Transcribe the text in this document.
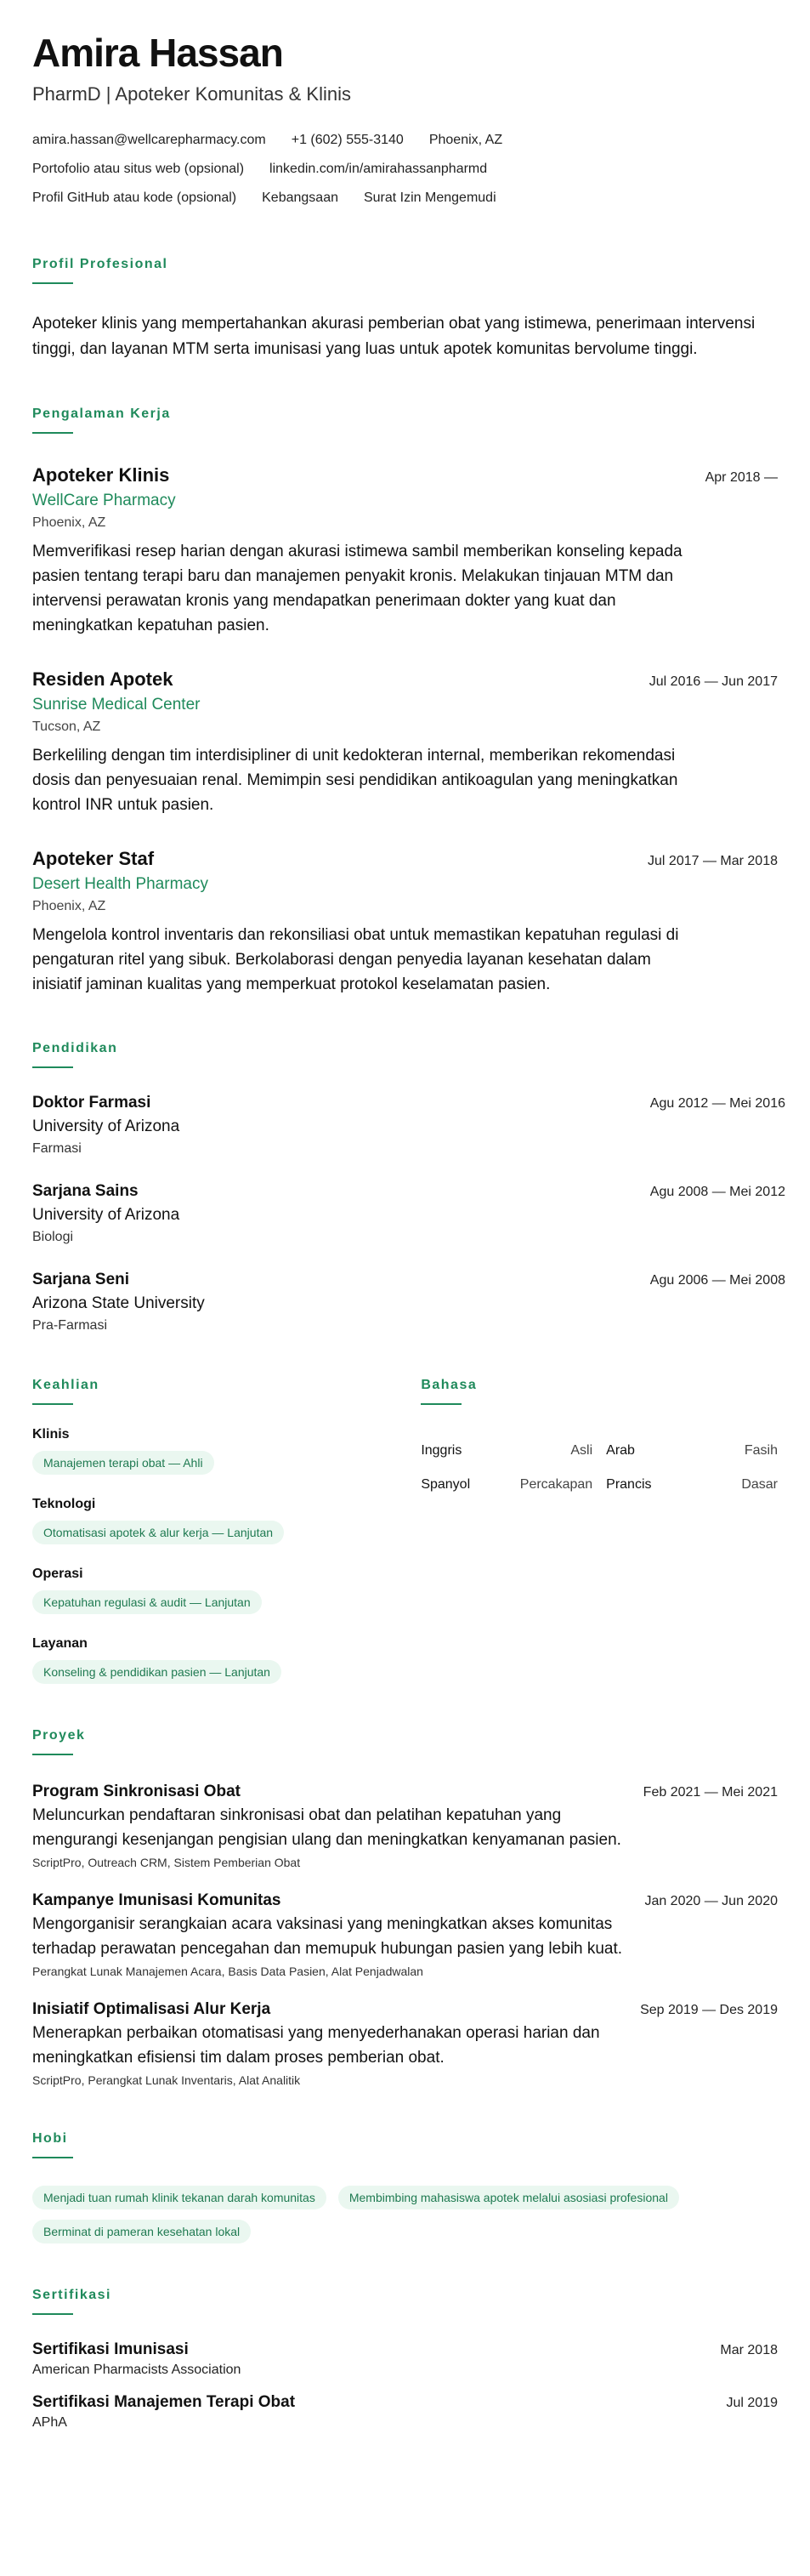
Amira Hassan
PharmD | Apoteker Komunitas & Klinis
amira.hassan@wellcarepharmacy.com +1 (602) 555-3140 Phoenix, AZ
Portofolio atau situs web (opsional) linkedin.com/in/amirahassanpharmd
Profil GitHub atau kode (opsional) Kebangsaan Surat Izin Mengemudi
Profil Profesional

Apoteker klinis yang mempertahankan akurasi pemberian obat yang istimewa, penerimaan intervensi tinggi, dan layanan MTM serta imunisasi yang luas untuk apotek komunitas bervolume tinggi.

Pengalaman Kerja
Apoteker Klinis	Apr 2018 —
WellCare Pharmacy
Phoenix, AZ

Memverifikasi resep harian dengan akurasi istimewa sambil memberikan konseling kepada pasien tentang terapi baru dan manajemen penyakit kronis. Melakukan tinjauan MTM dan intervensi perawatan kronis yang mendapatkan penerimaan dokter yang kuat dan meningkatkan kepatuhan pasien.

Residen Apotek	Jul 2016 — Jun 2017
Sunrise Medical Center
Tucson, AZ

Berkeliling dengan tim interdisipliner di unit kedokteran internal, memberikan rekomendasi dosis dan penyesuaian renal. Memimpin sesi pendidikan antikoagulan yang meningkatkan kontrol INR untuk pasien.

Apoteker Staf	Jul 2017 — Mar 2018
Desert Health Pharmacy
Phoenix, AZ

Mengelola kontrol inventaris dan rekonsiliasi obat untuk memastikan kepatuhan regulasi di pengaturan ritel yang sibuk. Berkolaborasi dengan penyedia layanan kesehatan dalam inisiatif jaminan kualitas yang memperkuat protokol keselamatan pasien.

Pendidikan
Doktor Farmasi	Agu 2012 — Mei 2016
University of Arizona
Farmasi
Sarjana Sains	Agu 2008 — Mei 2012
University of Arizona
Biologi
Sarjana Seni	Agu 2006 — Mei 2008
Arizona State University
Pra-Farmasi
Keahlian
Klinis
Manajemen terapi obat — Ahli
Teknologi
Otomatisasi apotek & alur kerja — Lanjutan
Operasi
Kepatuhan regulasi & audit — Lanjutan
Layanan
Konseling & pendidikan pasien — Lanjutan
Bahasa
Inggris	Asli Arab	Fasih
Spanyol	Percakapan Prancis	Dasar
Proyek
Program Sinkronisasi Obat	Feb 2021 — Mei 2021

Meluncurkan pendaftaran sinkronisasi obat dan pelatihan kepatuhan yang mengurangi kesenjangan pengisian ulang dan meningkatkan kenyamanan pasien.

ScriptPro, Outreach CRM, Sistem Pemberian Obat
Kampanye Imunisasi Komunitas	Jan 2020 — Jun 2020

Mengorganisir serangkaian acara vaksinasi yang meningkatkan akses komunitas terhadap perawatan pencegahan dan memupuk hubungan pasien yang lebih kuat.

Perangkat Lunak Manajemen Acara, Basis Data Pasien, Alat Penjadwalan
Inisiatif Optimalisasi Alur Kerja	Sep 2019 — Des 2019

Menerapkan perbaikan otomatisasi yang menyederhanakan operasi harian dan meningkatkan efisiensi tim dalam proses pemberian obat.

ScriptPro, Perangkat Lunak Inventaris, Alat Analitik
Hobi
Menjadi tuan rumah klinik tekanan darah komunitas	Membimbing mahasiswa apotek melalui asosiasi profesional
Berminat di pameran kesehatan lokal
Sertifikasi
Sertifikasi Imunisasi	Mar 2018
American Pharmacists Association
Sertifikasi Manajemen Terapi Obat	Jul 2019
APhA
